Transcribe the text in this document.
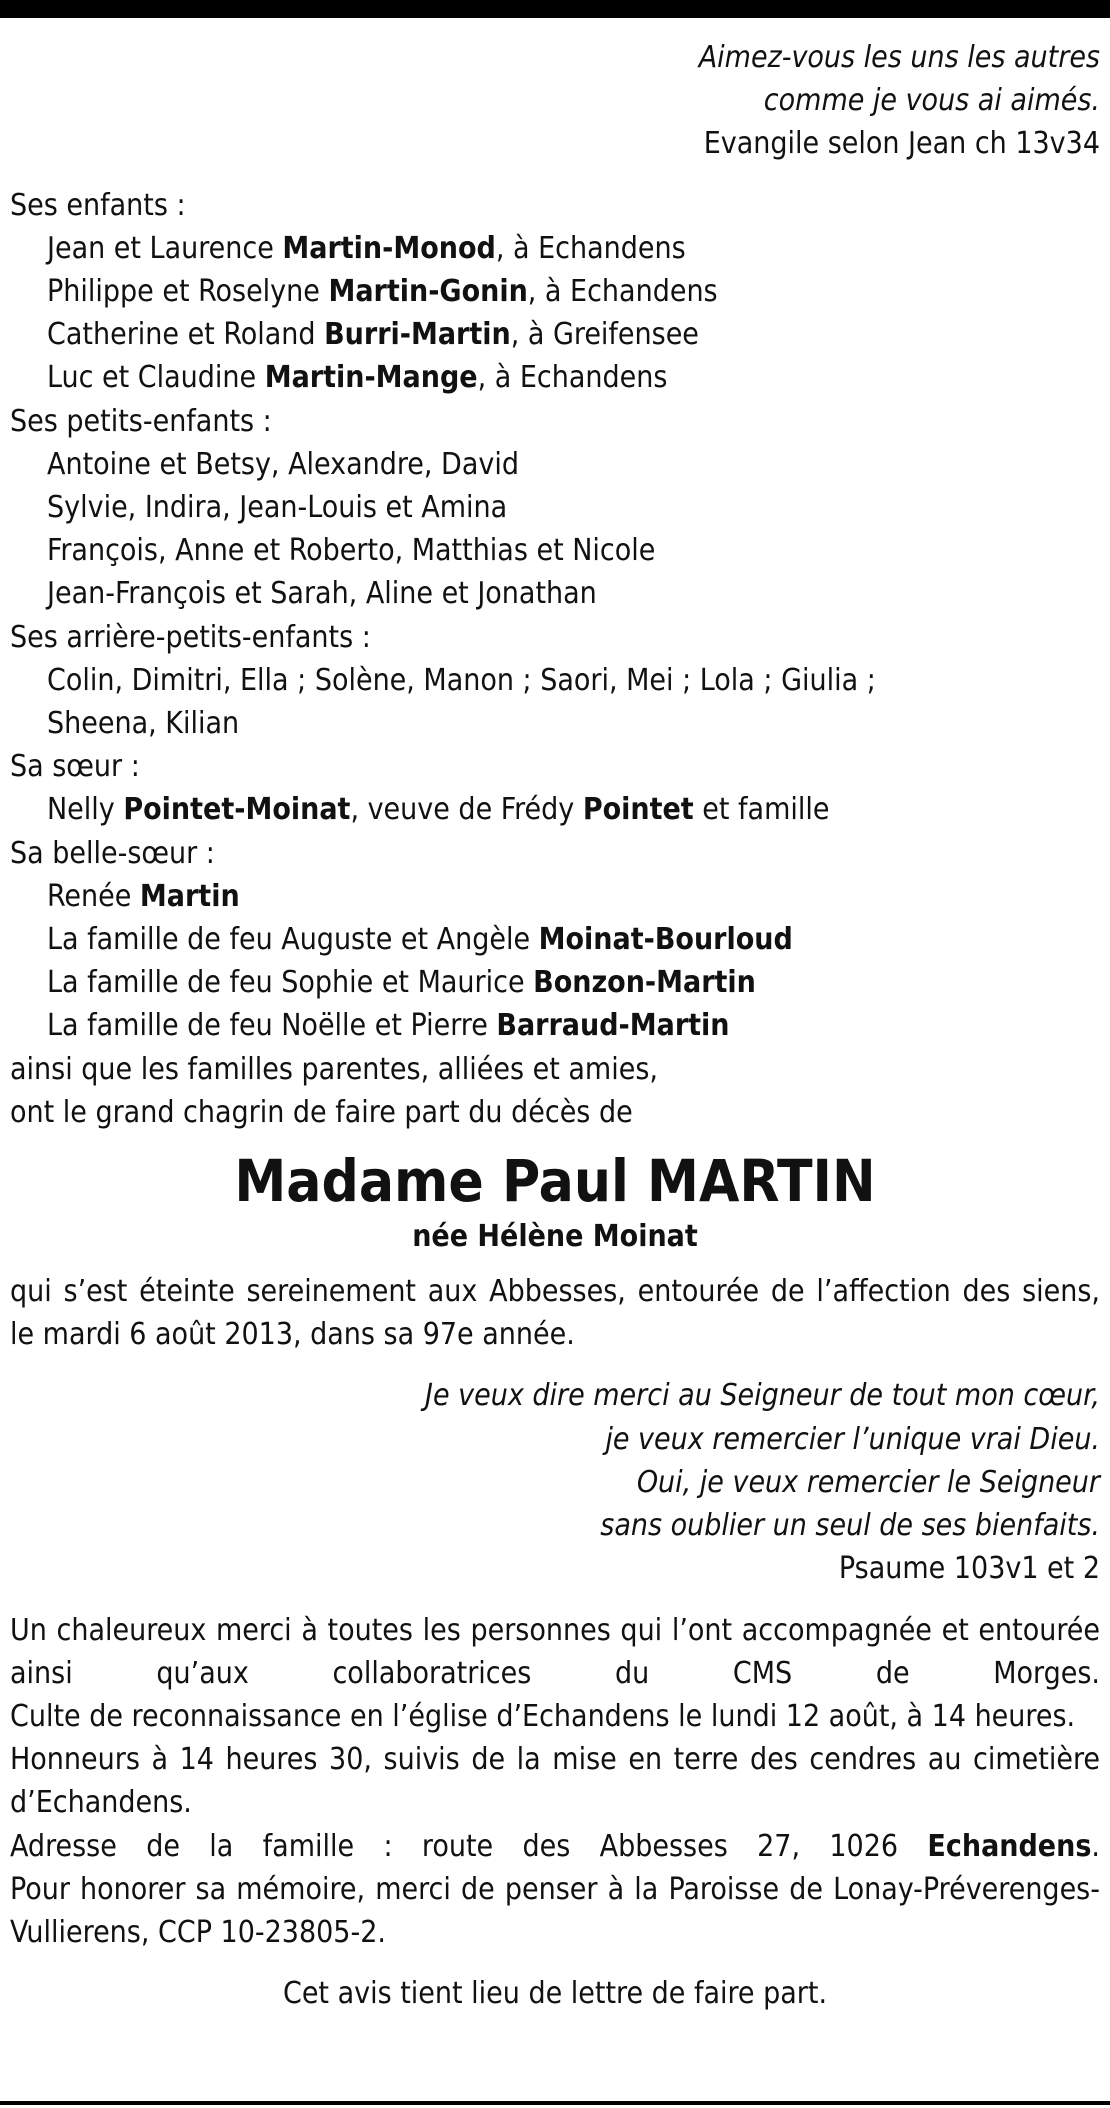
Aimez-vous les uns les autres
comme je vous ai aimés.
Evangile selon Jean ch 13v34
Ses enfants :
Jean et Laurence Martin-Monod, à Echandens
Philippe et Roselyne Martin-Gonin, à Echandens
Catherine et Roland Burri-Martin, à Greifensee
Luc et Claudine Martin-Mange, à Echandens
Ses petits-enfants :
Antoine et Betsy, Alexandre, David
Sylvie, Indira, Jean-Louis et Amina
François, Anne et Roberto, Matthias et Nicole
Jean-François et Sarah, Aline et Jonathan
Ses arrière-petits-enfants :
Colin, Dimitri, Ella ; Solène, Manon ; Saori, Mei ; Lola ; Giulia ;
Sheena, Kilian
Sa sœur :
Nelly Pointet-Moinat, veuve de Frédy Pointet et famille
Sa belle-sœur :
Renée Martin
La famille de feu Auguste et Angèle Moinat-Bourloud
La famille de feu Sophie et Maurice Bonzon-Martin
La famille de feu Noëlle et Pierre Barraud-Martin
ainsi que les familles parentes, alliées et amies,
ont le grand chagrin de faire part du décès de
Madame Paul MARTIN
née Hélène Moinat
qui s’est éteinte sereinement aux Abbesses, entourée de l’affection des siens, le mardi 6 août 2013, dans sa 97e année.
Je veux dire merci au Seigneur de tout mon cœur,
je veux remercier l’unique vrai Dieu.
Oui, je veux remercier le Seigneur
sans oublier un seul de ses bienfaits.
Psaume 103v1 et 2
Un chaleureux merci à toutes les personnes qui l’ont accompagnée et entourée ainsi qu’aux collaboratrices du CMS de Morges.
Culte de reconnaissance en l’église d’Echandens le lundi 12 août, à 14 heures.
Honneurs à 14 heures 30, suivis de la mise en terre des cendres au cimetière d’Echandens.
Adresse de la famille : route des Abbesses 27, 1026 Echandens.
Pour honorer sa mémoire, merci de penser à la Paroisse de Lonay-Préverenges-Vullierens, CCP 10-23805-2.
Cet avis tient lieu de lettre de faire part.
